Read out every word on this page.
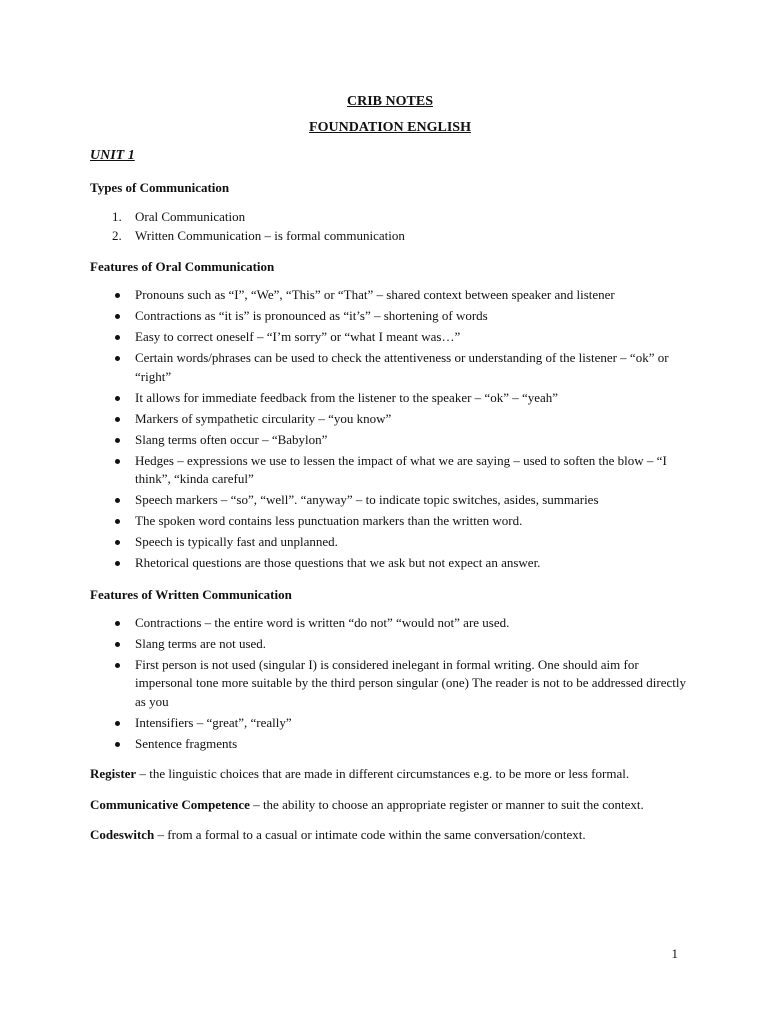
CRIB NOTES

FOUNDATION ENGLISH

UNIT 1

Types of Communication

1. Oral Communication
2. Written Communication – is formal communication

Features of Oral Communication

Pronouns such as “I”, “We”, “This” or “That” – shared context between speaker and listener
Contractions as “it is” is pronounced as “it’s” – shortening of words
Easy to correct oneself – “I’m sorry” or “what I meant was…”
Certain words/phrases can be used to check the attentiveness or understanding of the listener – “ok” or “right”
It allows for immediate feedback from the listener to the speaker – “ok” – “yeah”
Markers of sympathetic circularity – “you know”
Slang terms often occur – “Babylon”
Hedges – expressions we use to lessen the impact of what we are saying – used to soften the blow – “I think”, “kinda careful”
Speech markers – “so”, “well”. “anyway” – to indicate topic switches, asides, summaries
The spoken word contains less punctuation markers than the written word.
Speech is typically fast and unplanned.
Rhetorical questions are those questions that we ask but not expect an answer.

Features of Written Communication

Contractions – the entire word is written “do not” “would not” are used.
Slang terms are not used.
First person is not used (singular I) is considered inelegant in formal writing. One should aim for impersonal tone more suitable by the third person singular (one) The reader is not to be addressed directly as you
Intensifiers – “great”, “really”
Sentence fragments

Register – the linguistic choices that are made in different circumstances e.g. to be more or less formal.

Communicative Competence – the ability to choose an appropriate register or manner to suit the context.

Codeswitch – from a formal to a casual or intimate code within the same conversation/context.

1
